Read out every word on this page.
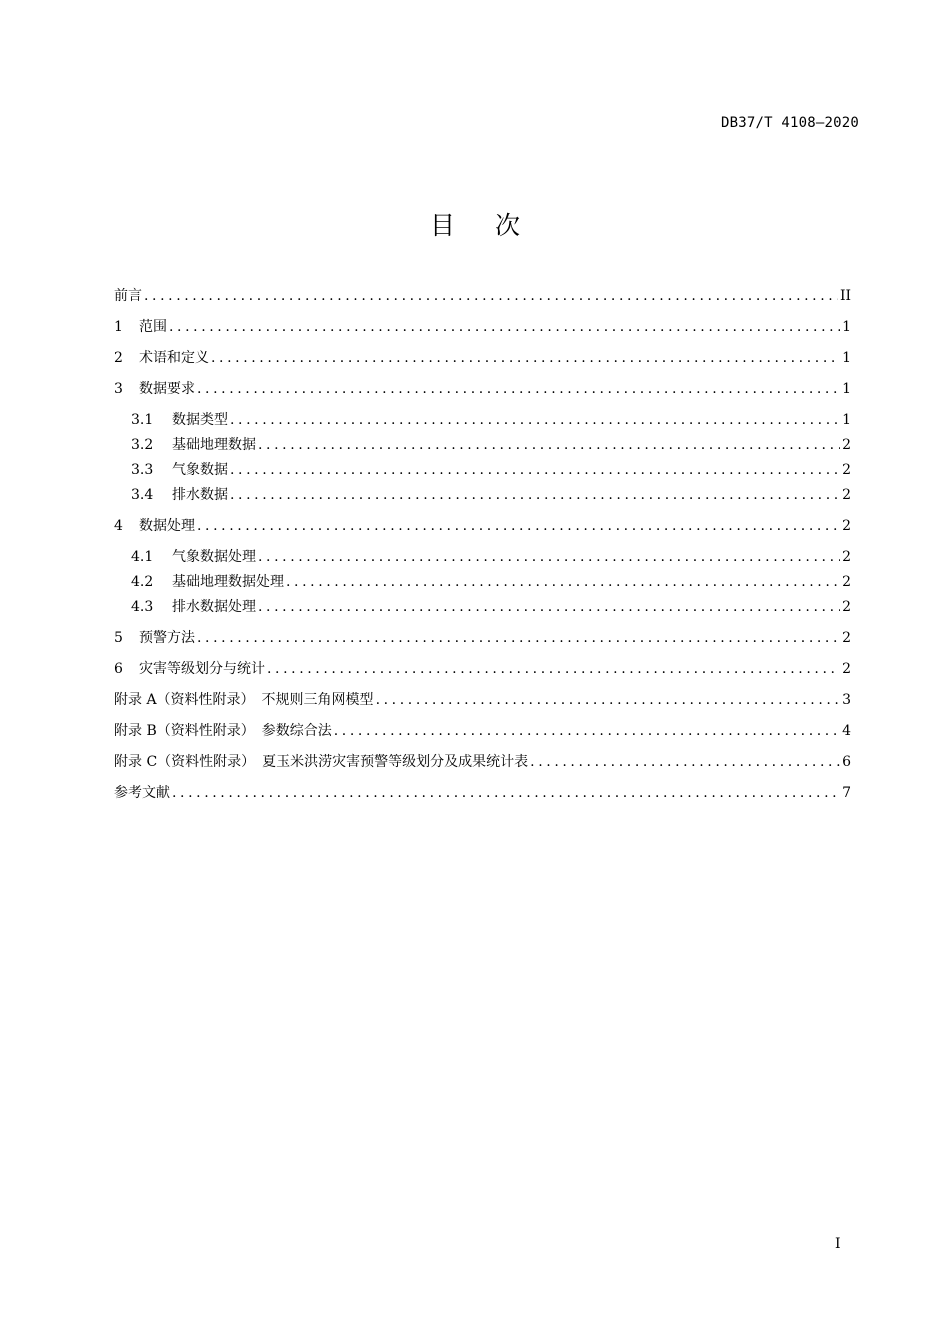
DB37/T 4108—2020
目 次
前言 .....	II
1	范围 .....	1
2	术语和定义 .....	1
3	数据要求 .....	1
3.1	数据类型 .....	1
3.2	基础地理数据 .....	2
3.3	气象数据 .....	2
3.4	排水数据 .....	2
4	数据处理 .....	2
4.1	气象数据处理 .....	2
4.2	基础地理数据处理 .....	2
4.3	排水数据处理 .....	2
5	预警方法 .....	2
6	灾害等级划分与统计 .....	2
附录 A（资料性附录）　不规则三角网模型 .....	3
附录 B（资料性附录）　参数综合法 .....	4
附录 C（资料性附录）　夏玉米洪涝灾害预警等级划分及成果统计表 .....	6
参考文献 .....	7
I
